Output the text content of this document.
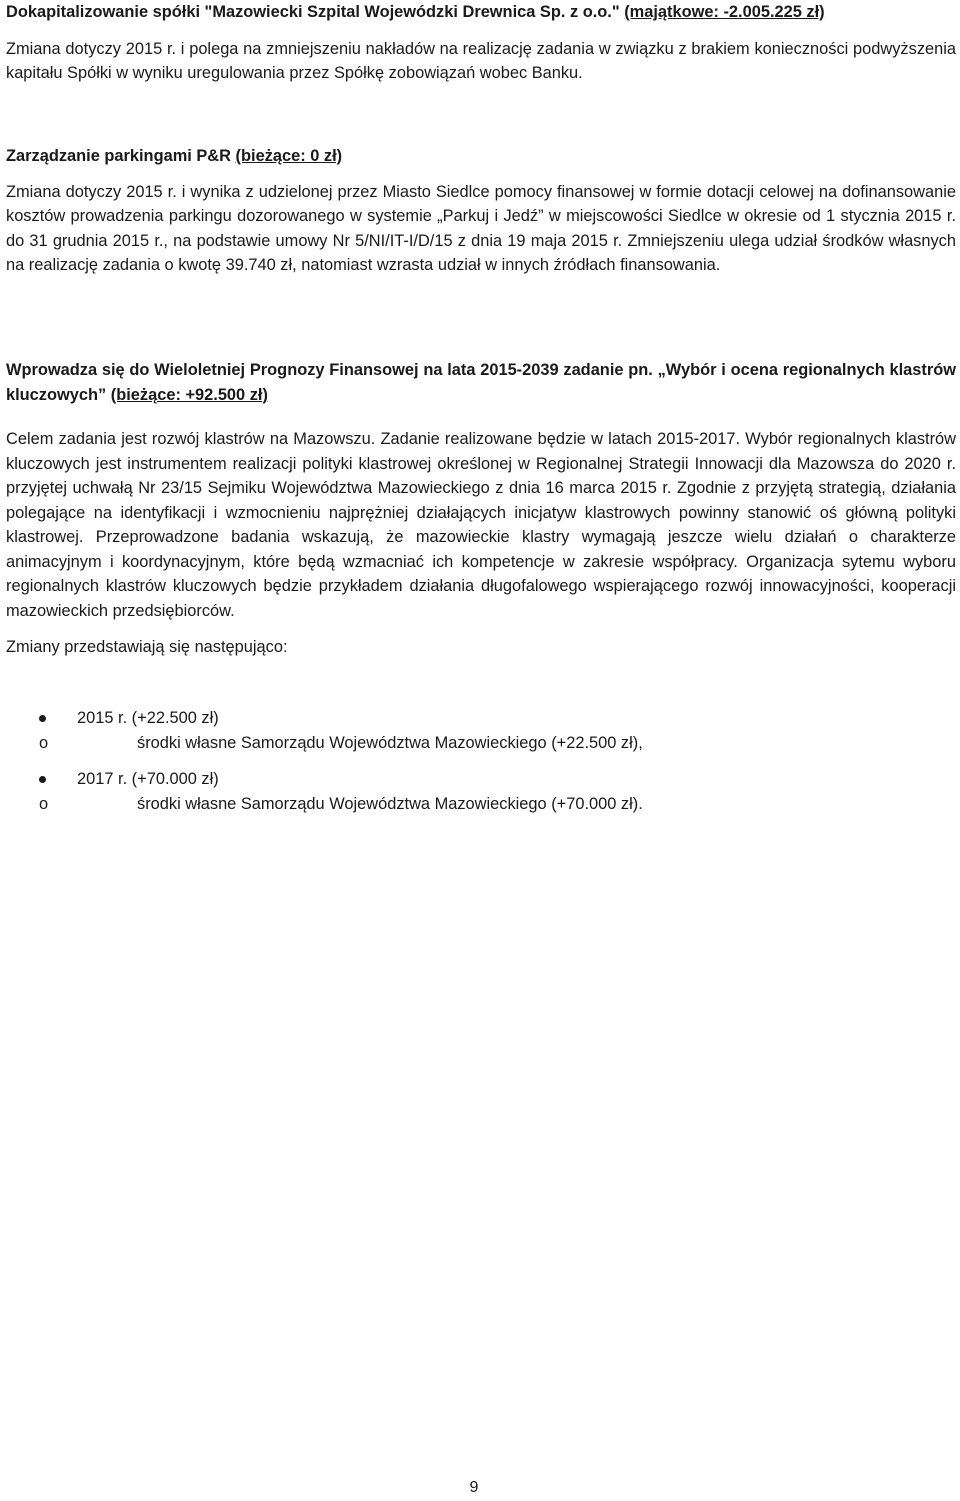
Dokapitalizowanie spółki "Mazowiecki Szpital Wojewódzki Drewnica Sp. z o.o." (majątkowe: -2.005.225 zł)

Zmiana dotyczy 2015 r. i polega na zmniejszeniu nakładów na realizację zadania w związku z brakiem konieczności podwyższenia kapitału Spółki w wyniku uregulowania przez Spółkę zobowiązań wobec Banku.

Zarządzanie parkingami P&R (bieżące: 0 zł)

Zmiana dotyczy 2015 r. i wynika z udzielonej przez Miasto Siedlce pomocy finansowej w formie dotacji celowej na dofinansowanie kosztów prowadzenia parkingu dozorowanego w systemie „Parkuj i Jedź” w miejscowości Siedlce w okresie od 1 stycznia 2015 r. do 31 grudnia 2015 r., na podstawie umowy Nr 5/NI/IT-I/D/15 z dnia 19 maja 2015 r. Zmniejszeniu ulega udział środków własnych na realizację zadania o kwotę 39.740 zł, natomiast wzrasta udział w innych źródłach finansowania.

Wprowadza się do Wieloletniej Prognozy Finansowej na lata 2015-2039 zadanie pn. „Wybór i ocena regionalnych klastrów kluczowych” (bieżące: +92.500 zł)

Celem zadania jest rozwój klastrów na Mazowszu. Zadanie realizowane będzie w latach 2015-2017. Wybór regionalnych klastrów kluczowych jest instrumentem realizacji polityki klastrowej określonej w Regionalnej Strategii Innowacji dla Mazowsza do 2020 r. przyjętej uchwałą Nr 23/15 Sejmiku Województwa Mazowieckiego z dnia 16 marca 2015 r. Zgodnie z przyjętą strategią, działania polegające na identyfikacji i wzmocnieniu najprężniej działających inicjatyw klastrowych powinny stanowić oś główną polityki klastrowej. Przeprowadzone badania wskazują, że mazowieckie klastry wymagają jeszcze wielu działań o charakterze animacyjnym i koordynacyjnym, które będą wzmacniać ich kompetencje w zakresie współpracy. Organizacja sytemu wyboru regionalnych klastrów kluczowych będzie przykładem działania długofalowego wspierającego rozwój innowacyjności, kooperacji mazowieckich przedsiębiorców.

Zmiany przedstawiają się następująco:

2015 r. (+22.500 zł)
o	środki własne Samorządu Województwa Mazowieckiego (+22.500 zł),
2017 r. (+70.000 zł)
o	środki własne Samorządu Województwa Mazowieckiego (+70.000 zł).
9
